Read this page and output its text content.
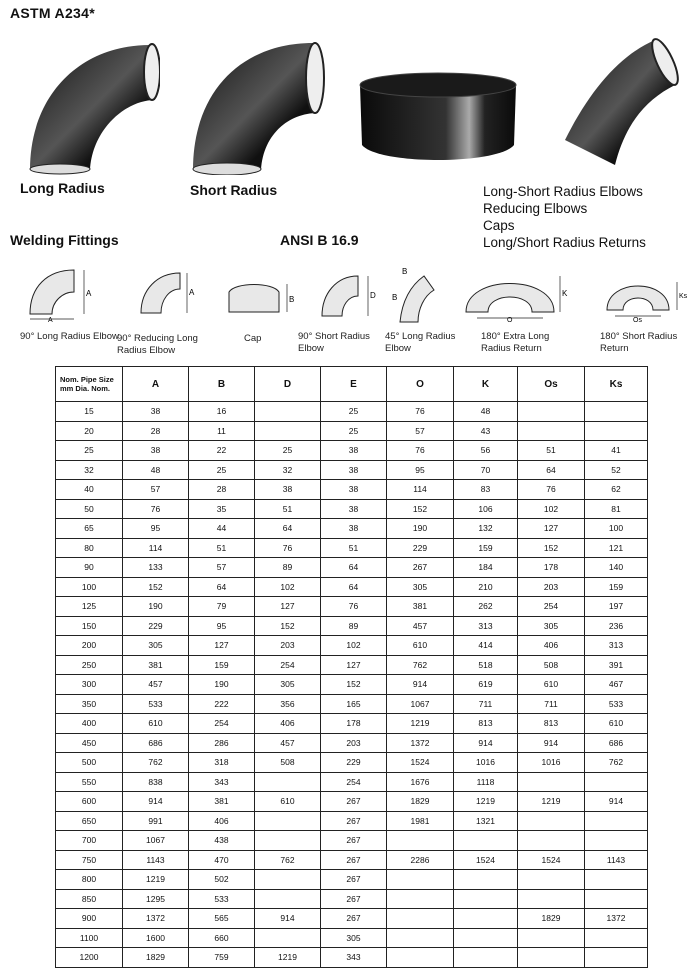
ASTM A234*
Long Radius	Short Radius	Long-Short Radius Elbows
Reducing Elbows
Caps
Long/Short Radius Returns
Welding Fittings	ANSI B 16.9
A
A
90° Long Radius Elbow
A
90° Reducing Long Radius Elbow
B
Cap
D
90° Short Radius Elbow
B
B
45° Long Radius Elbow
K
O
180° Extra Long Radius Return
Ks
Os
180° Short Radius Return
Nom. Pipe Size mm Dia. Nom.	A	B	D	E	O	K	Os	Ks
15	38	16		25	76	48		
20	28	11		25	57	43		
25	38	22	25	38	76	56	51	41
32	48	25	32	38	95	70	64	52
40	57	28	38	38	114	83	76	62
50	76	35	51	38	152	106	102	81
65	95	44	64	38	190	132	127	100
80	114	51	76	51	229	159	152	121
90	133	57	89	64	267	184	178	140
100	152	64	102	64	305	210	203	159
125	190	79	127	76	381	262	254	197
150	229	95	152	89	457	313	305	236
200	305	127	203	102	610	414	406	313
250	381	159	254	127	762	518	508	391
300	457	190	305	152	914	619	610	467
350	533	222	356	165	1067	711	711	533
400	610	254	406	178	1219	813	813	610
450	686	286	457	203	1372	914	914	686
500	762	318	508	229	1524	1016	1016	762
550	838	343		254	1676	1118		
600	914	381	610	267	1829	1219	1219	914
650	991	406		267	1981	1321		
700	1067	438		267				
750	1143	470	762	267	2286	1524	1524	1143
800	1219	502		267				
850	1295	533		267				
900	1372	565	914	267			1829	1372
1100	1600	660		305				
1200	1829	759	1219	343				
